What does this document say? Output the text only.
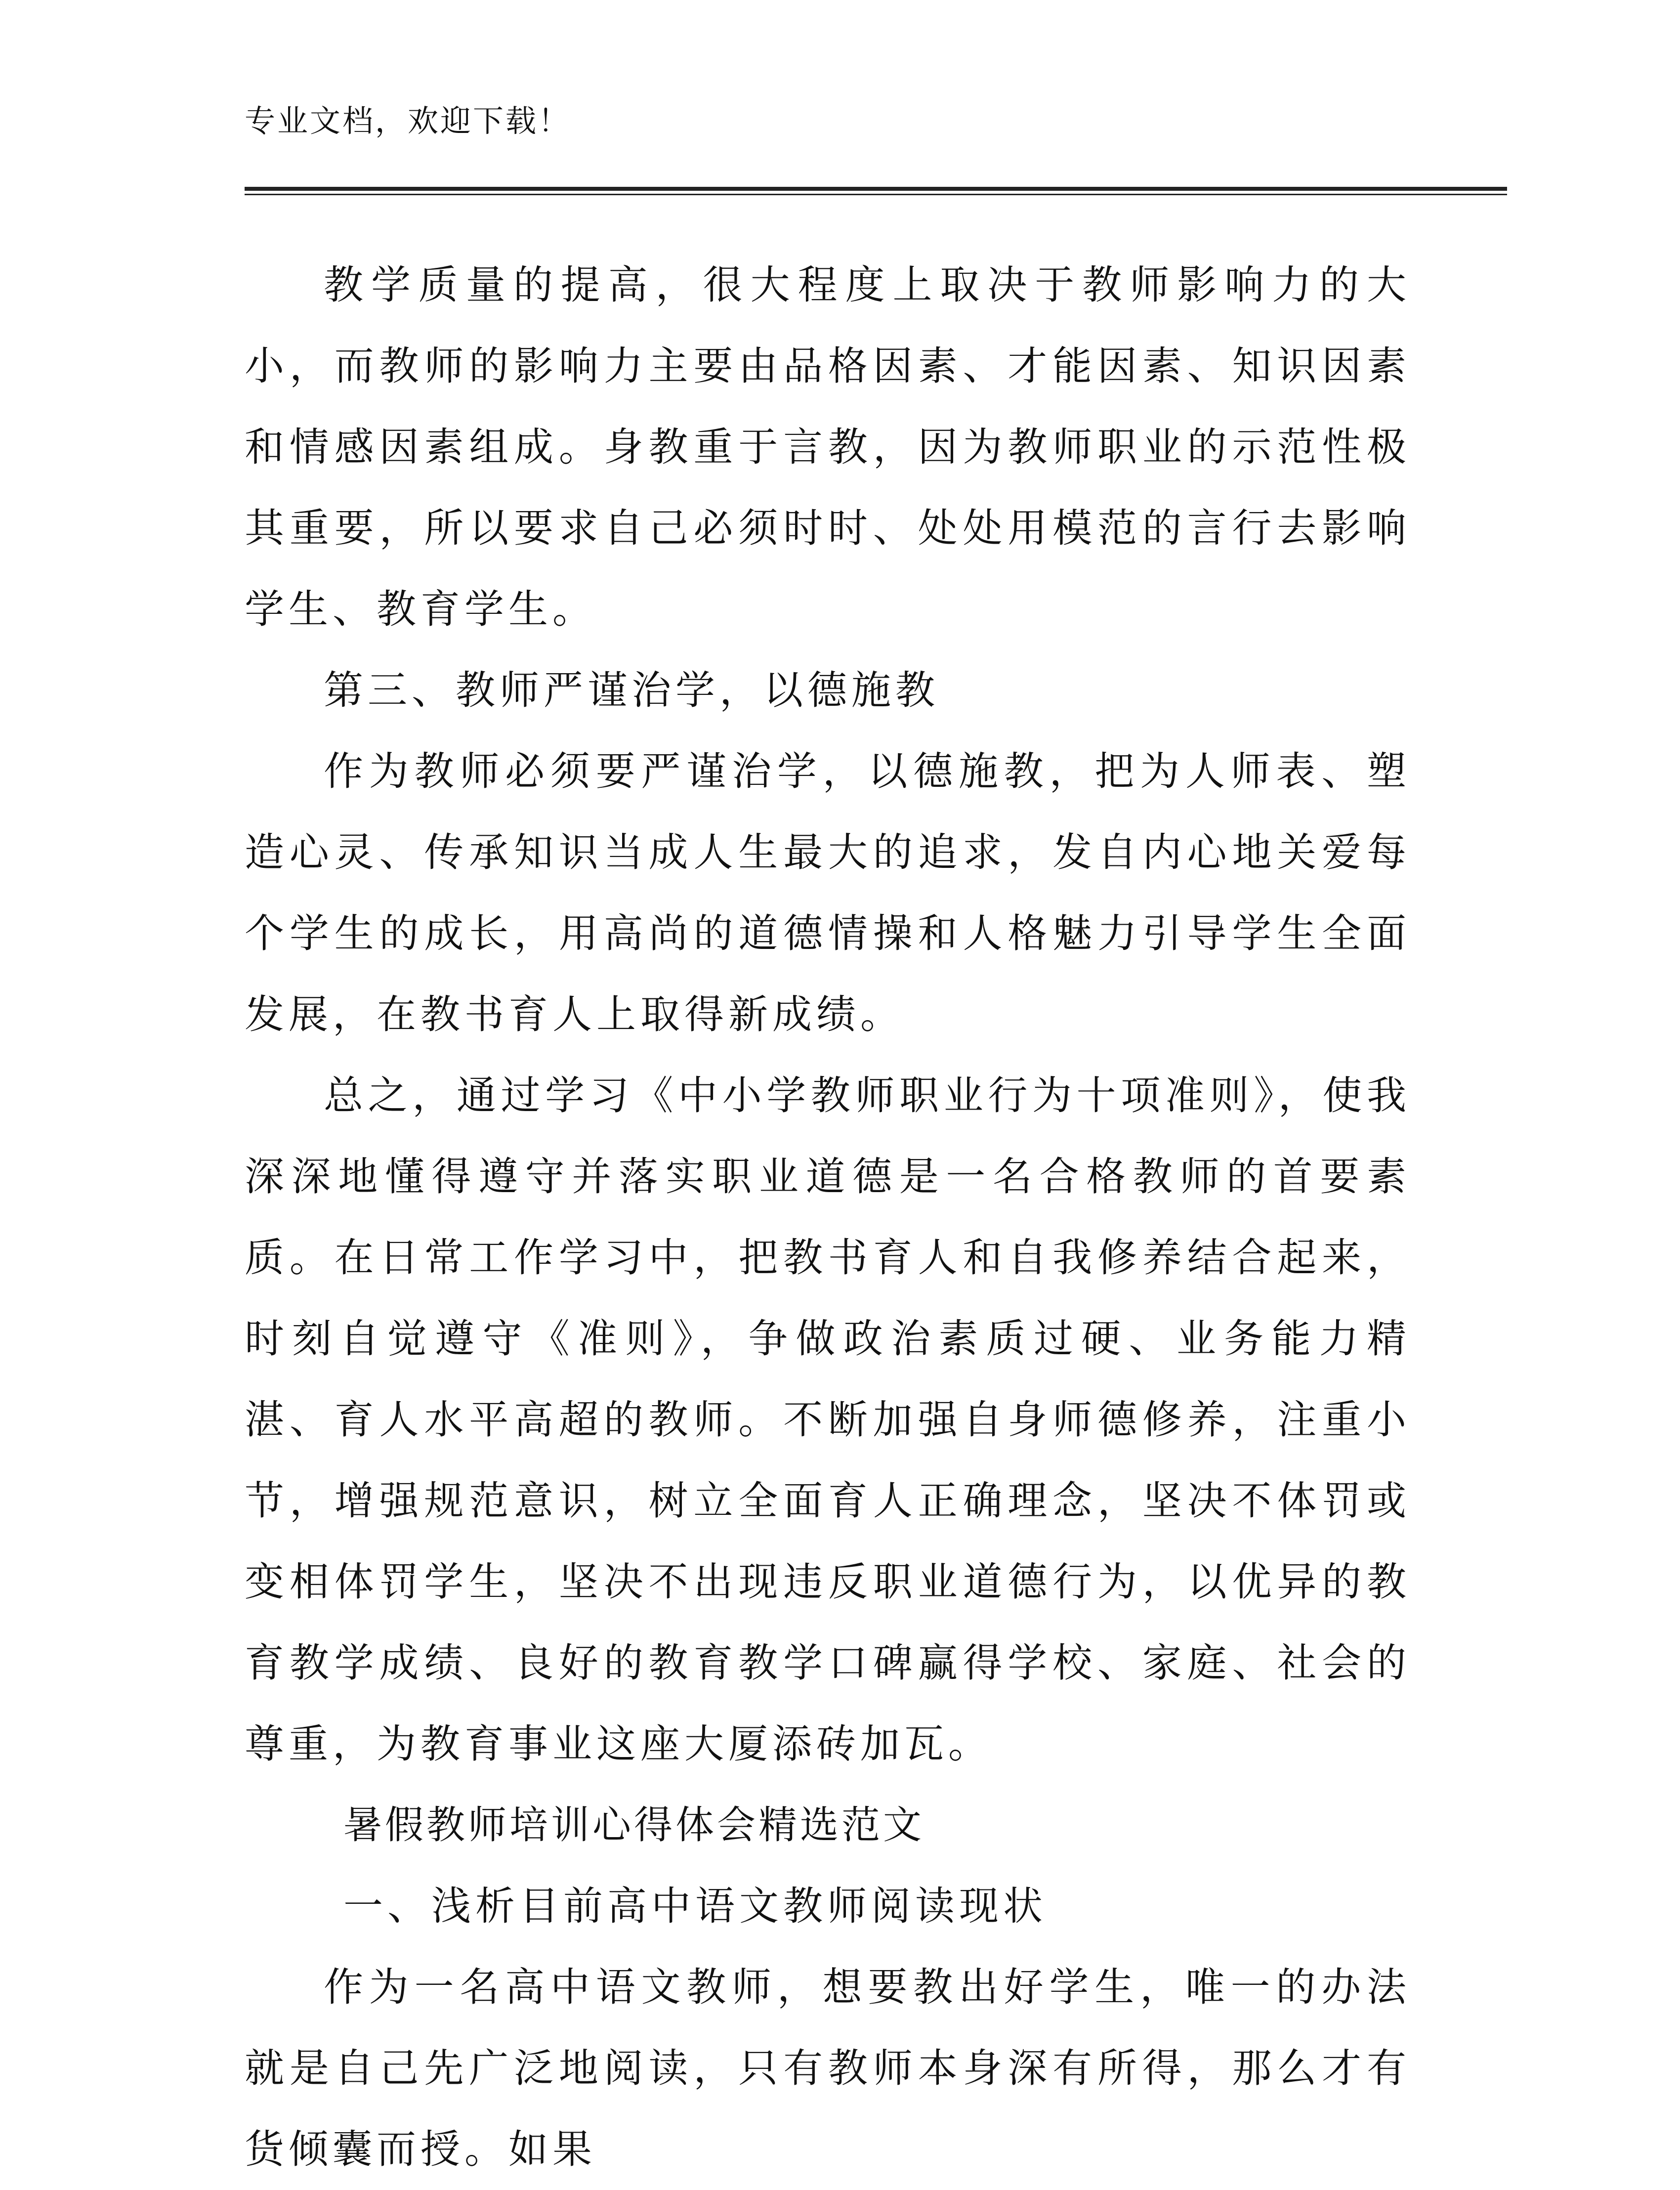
专业文档，欢迎下载！

教学质量的提高，很大程度上取决于教师影响力的大小，而教师的影响力主要由品格因素、才能因素、知识因素和情感因素组成。身教重于言教，因为教师职业的示范性极其重要，所以要求自己必须时时、处处用模范的言行去影响学生、教育学生。

第三、教师严谨治学，以德施教

作为教师必须要严谨治学，以德施教，把为人师表、塑造心灵、传承知识当成人生最大的追求，发自内心地关爱每个学生的成长，用高尚的道德情操和人格魅力引导学生全面发展，在教书育人上取得新成绩。

总之，通过学习《中小学教师职业行为十项准则》，使我深深地懂得遵守并落实职业道德是一名合格教师的首要素质。在日常工作学习中，把教书育人和自我修养结合起来，时刻自觉遵守《准则》，争做政治素质过硬、业务能力精湛、育人水平高超的教师。不断加强自身师德修养，注重小节，增强规范意识，树立全面育人正确理念，坚决不体罚或变相体罚学生，坚决不出现违反职业道德行为，以优异的教育教学成绩、良好的教育教学口碑赢得学校、家庭、社会的尊重，为教育事业这座大厦添砖加瓦。

暑假教师培训心得体会精选范文

一、浅析目前高中语文教师阅读现状

作为一名高中语文教师，想要教出好学生，唯一的办法就是自己先广泛地阅读，只有教师本身深有所得，那么才有货倾囊而授。如果
